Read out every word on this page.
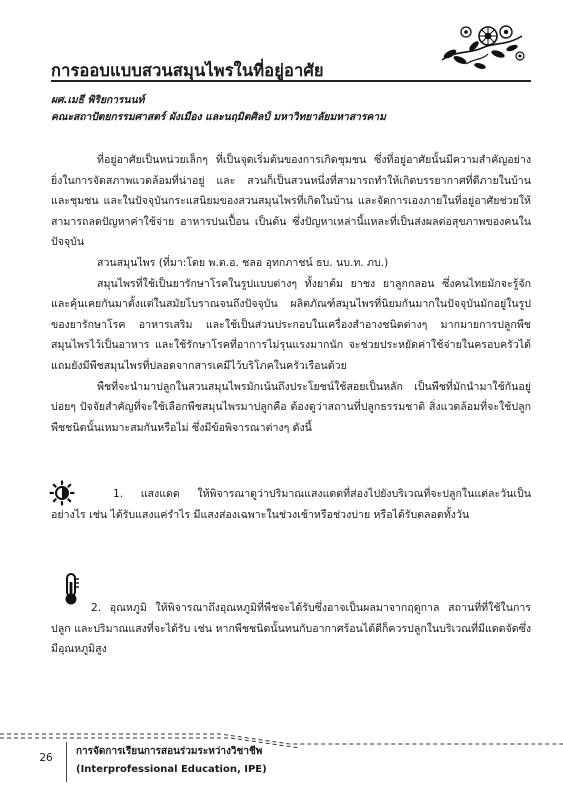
การออบแบบสวนสมุนไพรในที่อยู่อาศัย

ผศ.เมธี พิริยการนนท์

คณะสถาปัตยกรรมศาสตร์ ผังเมือง และนฤมิตศิลป์ มหาวิทยาลัยมหาสารคาม

ที่อยู่อาศัยเป็นหน่วยเล็กๆ ที่เป็นจุดเริ่มต้นของการเกิดชุมชน ซึ่งที่อยู่อาศัยนั้นมีความสำคัญอย่างยิ่งในการจัดสภาพแวดล้อมที่น่าอยู่ และ สวนก็เป็นสวนหนึ่งที่สามารถทำให้เกิดบรรยากาศที่ดีภายในบ้านและชุมชน และในปัจจุบันกระแสนิยมของสวนสมุนไพรที่เกิดในบ้าน และจัดการเองภายในที่อยู่อาศัยช่วยให้สามารถลดปัญหาค่าใช้จ่าย อาหารปนเปื้อน เป็นต้น ซึ่งปัญหาเหล่านี้แหละที่เป็นส่งผลต่อสุขภาพของคนในปัจจุบัน

สวนสมุนไพร (ที่มา:โดย พ.ต.อ. ชลอ อุทกภาชน์ ธบ. นบ.ท. ภบ.)

สมุนไพรที่ใช้เป็นยารักษาโรคในรูปแบบต่างๆ ทั้งยาต้ม ยาชง ยาลูกกลอน ซึ่งคนไทยมักจะรู้จักและคุ้นเคยกันมาตั้งแต่ในสมัยโบราณจนถึงปัจจุบัน ผลิตภัณฑ์สมุนไพรที่นิยมกันมากในปัจจุบันมักอยู่ในรูปของยารักษาโรค อาหารเสริม และใช้เป็นส่วนประกอบในเครื่องสำอางชนิดต่างๆ มากมายการปลูกพืชสมุนไพรไว้เป็นอาหาร และใช้รักษาโรคที่อาการไม่รุนแรงมากนัก จะช่วยประหยัดค่าใช้จ่ายในครอบครัวได้ แถมยังมีพืชสมุนไพรที่ปลอดจากสารเคมีไว้บริโภคในครัวเรือนด้วย

พืชที่จะนำมาปลูกในสวนสมุนไพรมักเน้นถึงประโยชน์ใช้สอยเป็นหลัก เป็นพืชที่มักนำมาใช้กันอยู่บ่อยๆ ปัจจัยสำคัญที่จะใช้เลือกพืชสมุนไพรมาปลูกคือ ต้องดูว่าสถานที่ปลูกธรรมชาติ สิ่งแวดล้อมที่จะใช้ปลูกพืชชนิดนั้นเหมาะสมกันหรือไม่ ซึ่งมีข้อพิจารณาต่างๆ ดังนี้

1. แสงแดด ให้พิจารณาดูว่าปริมาณแสงแดดที่ส่องไปยังบริเวณที่จะปลูกในแต่ละวันเป็นอย่างไร เช่น ได้รับแสงแค่รำไร มีแสงส่องเฉพาะในช่วงเช้าหรือช่วงบ่าย หรือได้รับตลอดทั้งวัน

2. อุณหภูมิ ให้พิจารณาถึงอุณหภูมิที่พืชจะได้รับซึ่งอาจเป็นผลมาจากฤดูกาล สถานที่ที่ใช้ในการปลูก และปริมาณแสงที่จะได้รับ เช่น หากพืชชนิดนั้นทนกับอากาศร้อนได้ดีก็ควรปลูกในบริเวณที่มีแดดจัดซึ่งมีอุณหภูมิสูง

26

การจัดการเรียนการสอนร่วมระหว่างวิชาชีพ

(Interprofessional Education, IPE)
